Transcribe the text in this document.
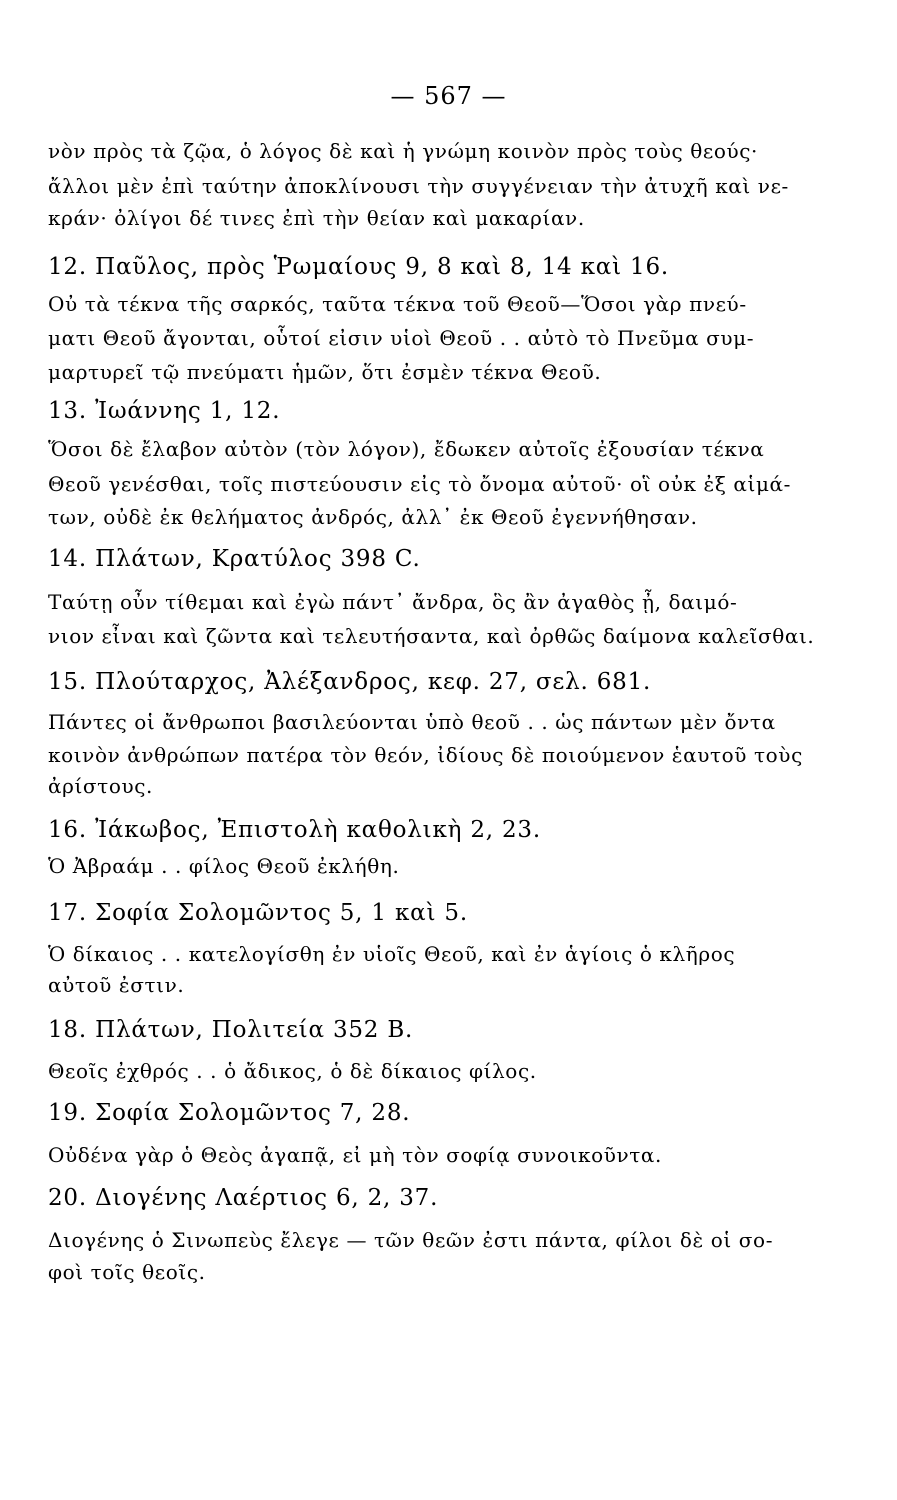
— 567 —
νὸν πρὸς τὰ ζῷα, ὁ λόγος δὲ καὶ ἡ γνώμη κοινὸν πρὸς τοὺς θεούς·
ἄλλοι μὲν ἐπὶ ταύτην ἀποκλίνουσι τὴν συγγένειαν τὴν ἀτυχῆ καὶ νε-
κράν· ὀλίγοι δέ τινες ἐπὶ τὴν θείαν καὶ μακαρίαν.
12. Παῦλος, πρὸς Ῥωμαίους 9, 8 καὶ 8, 14 καὶ 16.
Οὐ τὰ τέκνα τῆς σαρκός, ταῦτα τέκνα τοῦ Θεοῦ—Ὅσοι γὰρ πνεύ-
ματι Θεοῦ ἄγονται, οὗτοί εἰσιν υἱοὶ Θεοῦ . . αὐτὸ τὸ Πνεῦμα συμ-
μαρτυρεῖ τῷ πνεύματι ἡμῶν, ὅτι ἐσμὲν τέκνα Θεοῦ.
13. Ἰωάννης 1, 12.
Ὅσοι δὲ ἔλαβον αὐτὸν (τὸν λόγον), ἔδωκεν αὐτοῖς ἐξουσίαν τέκνα
Θεοῦ γενέσθαι, τοῖς πιστεύουσιν εἰς τὸ ὄνομα αὐτοῦ· οἳ οὐκ ἐξ αἱμά-
των, οὐδὲ ἐκ θελήματος ἀνδρός, ἀλλ᾽ ἐκ Θεοῦ ἐγεννήθησαν.
14. Πλάτων, Κρατύλος 398 C.
Ταύτῃ οὖν τίθεμαι καὶ ἐγὼ πάντ᾽ ἄνδρα, ὃς ἂν ἀγαθὸς ᾖ, δαιμό-
νιον εἶναι καὶ ζῶντα καὶ τελευτήσαντα, καὶ ὀρθῶς δαίμονα καλεῖσθαι.
15. Πλούταρχος, Ἀλέξανδρος, κεφ. 27, σελ. 681.
Πάντες οἱ ἄνθρωποι βασιλεύονται ὑπὸ θεοῦ . . ὡς πάντων μὲν ὄντα
κοινὸν ἀνθρώπων πατέρα τὸν θεόν, ἰδίους δὲ ποιούμενον ἑαυτοῦ τοὺς
ἀρίστους.
16. Ἰάκωβος, Ἐπιστολὴ καθολικὴ 2, 23.
Ὁ Ἀβραάμ . . φίλος Θεοῦ ἐκλήθη.
17. Σοφία Σολομῶντος 5, 1 καὶ 5.
Ὁ δίκαιος . . κατελογίσθη ἐν υἱοῖς Θεοῦ, καὶ ἐν ἁγίοις ὁ κλῆρος
αὐτοῦ ἐστιν.
18. Πλάτων, Πολιτεία 352 B.
Θεοῖς ἐχθρός . . ὁ ἄδικος, ὁ δὲ δίκαιος φίλος.
19. Σοφία Σολομῶντος 7, 28.
Οὐδένα γὰρ ὁ Θεὸς ἀγαπᾷ, εἰ μὴ τὸν σοφίᾳ συνοικοῦντα.
20. Διογένης Λαέρτιος 6, 2, 37.
Διογένης ὁ Σινωπεὺς ἔλεγε — τῶν θεῶν ἐστι πάντα, φίλοι δὲ οἱ σο-
φοὶ τοῖς θεοῖς.
